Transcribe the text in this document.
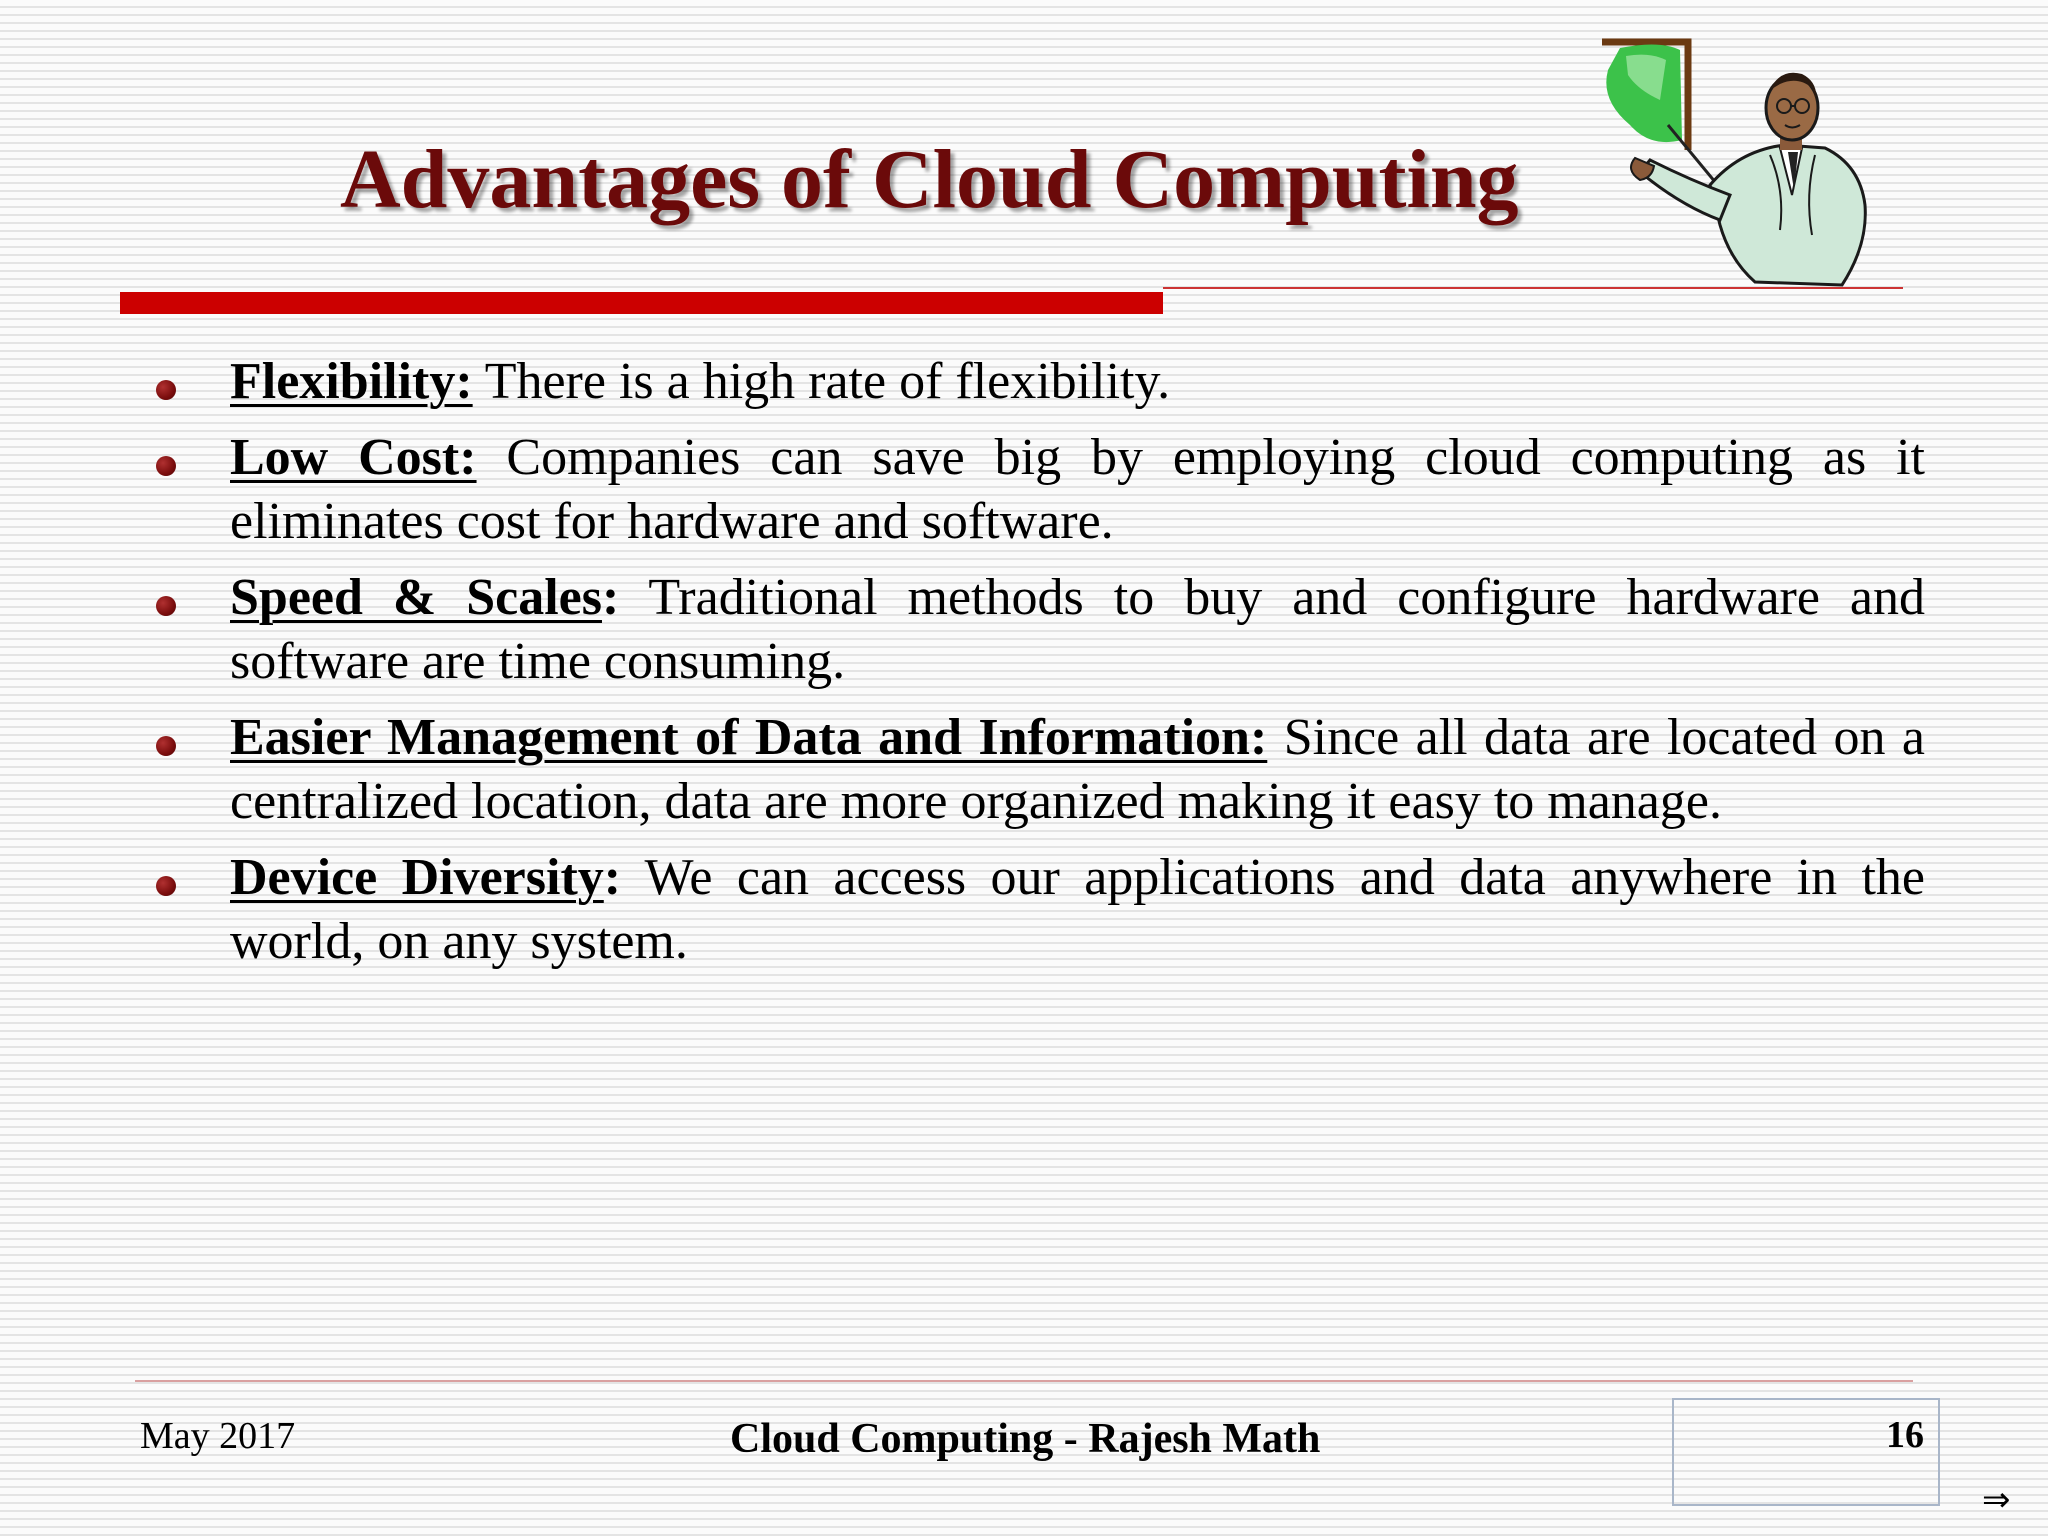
Advantages of Cloud Computing
Flexibility: There is a high rate of flexibility.
Low Cost: Companies can save big by employing cloud computing as it eliminates cost for hardware and software.
Speed & Scales: Traditional methods to buy and configure hardware and software are time consuming.
Easier Management of Data and Information: Since all data are located on a centralized location, data are more organized making it easy to manage.
Device Diversity: We can access our applications and data anywhere in the world, on any system.
May 2017	Cloud Computing - Rajesh Math	16
⇒
